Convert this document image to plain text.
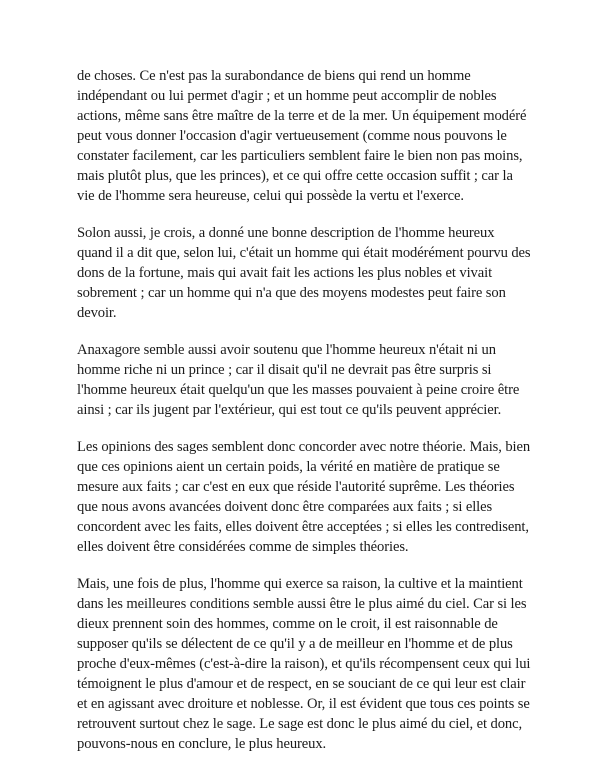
de choses. Ce n'est pas la surabondance de biens qui rend un homme indépendant ou lui permet d'agir ; et un homme peut accomplir de nobles actions, même sans être maître de la terre et de la mer. Un équipement modéré peut vous donner l'occasion d'agir vertueusement (comme nous pouvons le constater facilement, car les particuliers semblent faire le bien non pas moins, mais plutôt plus, que les princes), et ce qui offre cette occasion suffit ; car la vie de l'homme sera heureuse, celui qui possède la vertu et l'exerce.

Solon aussi, je crois, a donné une bonne description de l'homme heureux quand il a dit que, selon lui, c'était un homme qui était modérément pourvu des dons de la fortune, mais qui avait fait les actions les plus nobles et vivait sobrement ; car un homme qui n'a que des moyens modestes peut faire son devoir.

Anaxagore semble aussi avoir soutenu que l'homme heureux n'était ni un homme riche ni un prince ; car il disait qu'il ne devrait pas être surpris si l'homme heureux était quelqu'un que les masses pouvaient à peine croire être ainsi ; car ils jugent par l'extérieur, qui est tout ce qu'ils peuvent apprécier.

Les opinions des sages semblent donc concorder avec notre théorie. Mais, bien que ces opinions aient un certain poids, la vérité en matière de pratique se mesure aux faits ; car c'est en eux que réside l'autorité suprême. Les théories que nous avons avancées doivent donc être comparées aux faits ; si elles concordent avec les faits, elles doivent être acceptées ; si elles les contredisent, elles doivent être considérées comme de simples théories.

Mais, une fois de plus, l'homme qui exerce sa raison, la cultive et la maintient dans les meilleures conditions semble aussi être le plus aimé du ciel. Car si les dieux prennent soin des hommes, comme on le croit, il est raisonnable de supposer qu'ils se délectent de ce qu'il y a de meilleur en l'homme et de plus proche d'eux-mêmes (c'est-à-dire la raison), et qu'ils récompensent ceux qui lui témoignent le plus d'amour et de respect, en se souciant de ce qui leur est clair et en agissant avec droiture et noblesse. Or, il est évident que tous ces points se retrouvent surtout chez le sage. Le sage est donc le plus aimé du ciel, et donc, pouvons-nous en conclure, le plus heureux.
